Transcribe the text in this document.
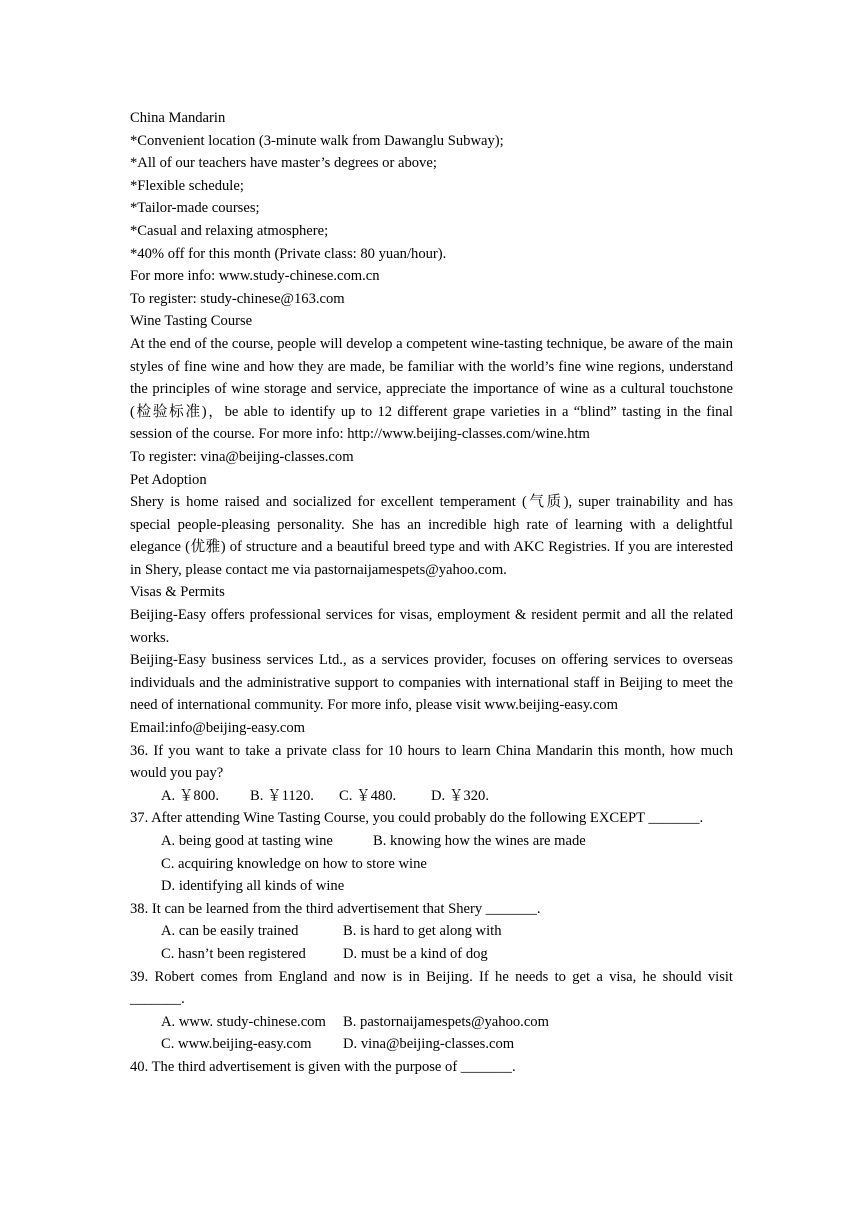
China Mandarin
*Convenient location (3-minute walk from Dawanglu Subway);
*All of our teachers have master’s degrees or above;
*Flexible schedule;
*Tailor-made courses;
*Casual and relaxing atmosphere;
*40% off for this month (Private class: 80 yuan/hour).
For more info: www.study-chinese.com.cn
To register: study-chinese@163.com
Wine Tasting Course
At the end of the course, people will develop a competent wine-tasting technique, be aware of the main styles of fine wine and how they are made, be familiar with the world’s fine wine regions, understand the principles of wine storage and service, appreciate the importance of wine as a cultural touchstone (检验标准)，be able to identify up to 12 different grape varieties in a “blind” tasting in the final session of the course. For more info: http://www.beijing-classes.com/wine.htm
To register: vina@beijing-classes.com
Pet Adoption
Shery is home raised and socialized for excellent temperament (气质), super trainability and has special people-pleasing personality. She has an incredible high rate of learning with a delightful elegance (优雅) of structure and a beautiful breed type and with AKC Registries. If you are interested in Shery, please contact me via pastornaijamespets@yahoo.com.
Visas & Permits
Beijing-Easy offers professional services for visas, employment & resident permit and all the related works.
Beijing-Easy business services Ltd., as a services provider, focuses on offering services to overseas individuals and the administrative support to companies with international staff in Beijing to meet the need of international community. For more info, please visit www.beijing-easy.com
Email:info@beijing-easy.com
36. If you want to take a private class for 10 hours to learn China Mandarin this month, how much would you pay?
A. ￥800. B. ￥1120. C. ￥480. D. ￥320.
37. After attending Wine Tasting Course, you could probably do the following EXCEPT _______.
A. being good at tasting wine	B. knowing how the wines are made
C. acquiring knowledge on how to store wine
D. identifying all kinds of wine
38. It can be learned from the third advertisement that Shery _______.
A. can be easily trained	B. is hard to get along with
C. hasn’t been registered	D. must be a kind of dog
39. Robert comes from England and now is in Beijing. If he needs to get a visa, he should visit _______.
A. www. study-chinese.com B. pastornaijamespets@yahoo.com
C. www.beijing-easy.com D. vina@beijing-classes.com
40. The third advertisement is given with the purpose of _______.
